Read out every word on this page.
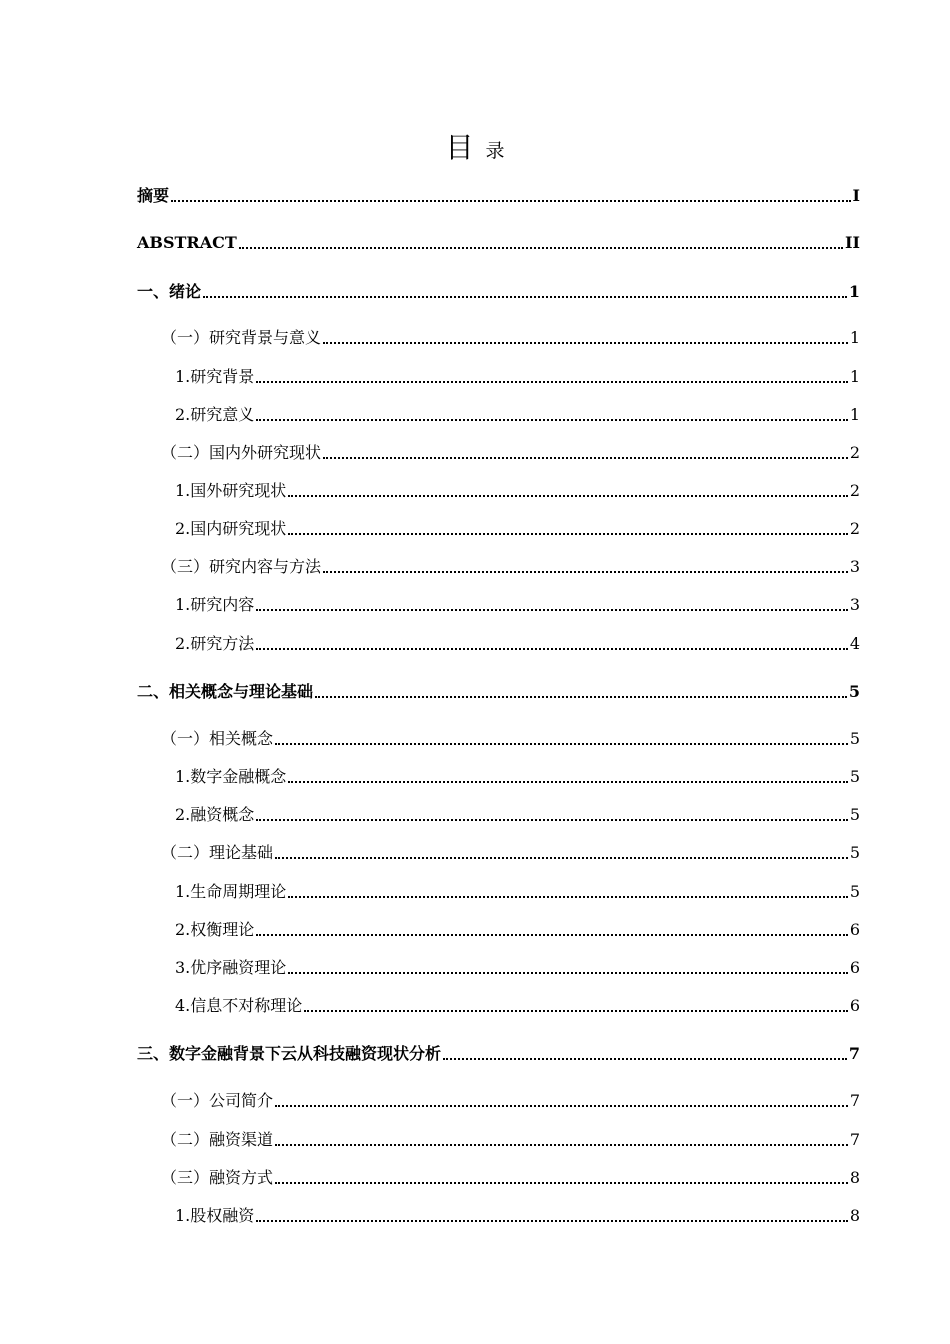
目 录
摘要	I
ABSTRACT	II
一、绪论	1
（一）研究背景与意义	1
1.研究背景	1
2.研究意义	1
（二）国内外研究现状	2
1.国外研究现状	2
2.国内研究现状	2
（三）研究内容与方法	3
1.研究内容	3
2.研究方法	4
二、相关概念与理论基础	5
（一）相关概念	5
1.数字金融概念	5
2.融资概念	5
（二）理论基础	5
1.生命周期理论	5
2.权衡理论	6
3.优序融资理论	6
4.信息不对称理论	6
三、数字金融背景下云从科技融资现状分析	7
（一）公司简介	7
（二）融资渠道	7
（三）融资方式	8
1.股权融资	8
